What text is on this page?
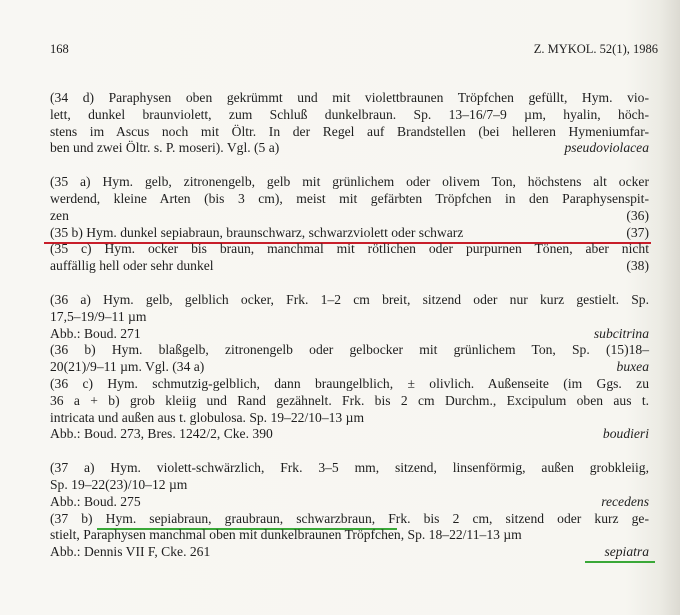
168	Z. MYKOL. 52(1), 1986
(34 d) Paraphysen oben gekrümmt und mit violettbraunen Tröpfchen gefüllt, Hym. vio-
lett, dunkel braunviolett, zum Schluß dunkelbraun. Sp. 13–16/7–9 µm, hyalin, höch-
stens im Ascus noch mit Öltr. In der Regel auf Brandstellen (bei helleren Hymeniumfar-
ben und zwei Öltr. s. P. moseri). Vgl. (5 a)	pseudoviolacea
(35 a) Hym. gelb, zitronengelb, gelb mit grünlichem oder olivem Ton, höchstens alt ocker
werdend, kleine Arten (bis 3 cm), meist mit gefärbten Tröpfchen in den Paraphysenspit-
zen	(36)
(35 b) Hym. dunkel sepiabraun, braunschwarz, schwarzviolett oder schwarz	(37)
(35 c) Hym. ocker bis braun, manchmal mit rötlichen oder purpurnen Tönen, aber nicht
auffällig hell oder sehr dunkel	(38)
(36 a) Hym. gelb, gelblich ocker, Frk. 1–2 cm breit, sitzend oder nur kurz gestielt. Sp.
17,5–19/9–11 µm
Abb.: Boud. 271	subcitrina
(36 b) Hym. blaßgelb, zitronengelb oder gelbocker mit grünlichem Ton, Sp. (15)18–
20(21)/9–11 µm. Vgl. (34 a)	buxea
(36 c) Hym. schmutzig-gelblich, dann braungelblich, ± olivlich. Außenseite (im Ggs. zu
36 a + b) grob kleiig und Rand gezähnelt. Frk. bis 2 cm Durchm., Excipulum oben aus t.
intricata und außen aus t. globulosa. Sp. 19–22/10–13 µm
Abb.: Boud. 273, Bres. 1242/2, Cke. 390	boudieri
(37 a) Hym. violett-schwärzlich, Frk. 3–5 mm, sitzend, linsenförmig, außen grobkleiig,
Sp. 19–22(23)/10–12 µm
Abb.: Boud. 275	recedens
(37 b) Hym. sepiabraun, graubraun, schwarzbraun, Frk. bis 2 cm, sitzend oder kurz ge-
stielt, Paraphysen manchmal oben mit dunkelbraunen Tröpfchen, Sp. 18–22/11–13 µm
Abb.: Dennis VII F, Cke. 261	sepiatra
